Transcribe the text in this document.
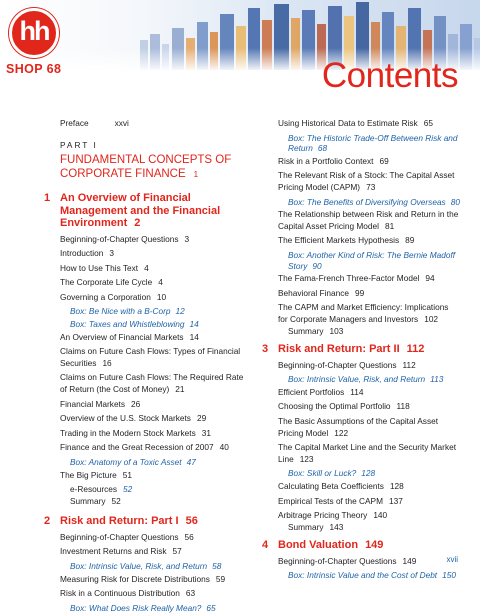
hh
SHOP 68	Contents
Preface	xxvi
PART I
FUNDAMENTAL CONCEPTS OF
CORPORATE FINANCE 1
1 An Overview of Financial
Management and the Financial
Environment 2
Beginning-of-Chapter Questions 3
Introduction 3
How to Use This Text 4
The Corporate Life Cycle 4
Governing a Corporation 10
Box: Be Nice with a B-Corp 12
Box: Taxes and Whistleblowing 14
An Overview of Financial Markets 14
Claims on Future Cash Flows: Types of Financial Securities 16
Claims on Future Cash Flows: The Required Rate of Return (the Cost of Money) 21
Financial Markets 26
Overview of the U.S. Stock Markets 29
Trading in the Modern Stock Markets 31
Finance and the Great Recession of 2007 40
Box: Anatomy of a Toxic Asset 47
The Big Picture 51
e-Resources 52
Summary 52
2 Risk and Return: Part I 56
Beginning-of-Chapter Questions 56
Investment Returns and Risk 57
Box: Intrinsic Value, Risk, and Return 58
Measuring Risk for Discrete Distributions 59
Risk in a Continuous Distribution 63
Box: What Does Risk Really Mean? 65
Using Historical Data to Estimate Risk 65
Box: The Historic Trade-Off Between Risk and Return 68
Risk in a Portfolio Context 69
The Relevant Risk of a Stock: The Capital Asset Pricing Model (CAPM) 73
Box: The Benefits of Diversifying Overseas 80
The Relationship between Risk and Return in the Capital Asset Pricing Model 81
The Efficient Markets Hypothesis 89
Box: Another Kind of Risk: The Bernie Madoff Story 90
The Fama-French Three-Factor Model 94
Behavioral Finance 99
The CAPM and Market Efficiency: Implications for Corporate Managers and Investors 102
Summary 103
3 Risk and Return: Part II 112
Beginning-of-Chapter Questions 112
Box: Intrinsic Value, Risk, and Return 113
Efficient Portfolios 114
Choosing the Optimal Portfolio 118
The Basic Assumptions of the Capital Asset Pricing Model 122
The Capital Market Line and the Security Market Line 123
Box: Skill or Luck? 128
Calculating Beta Coefficients 128
Empirical Tests of the CAPM 137
Arbitrage Pricing Theory 140
Summary 143
4 Bond Valuation 149
Beginning-of-Chapter Questions 149
Box: Intrinsic Value and the Cost of Debt 150
xvii
